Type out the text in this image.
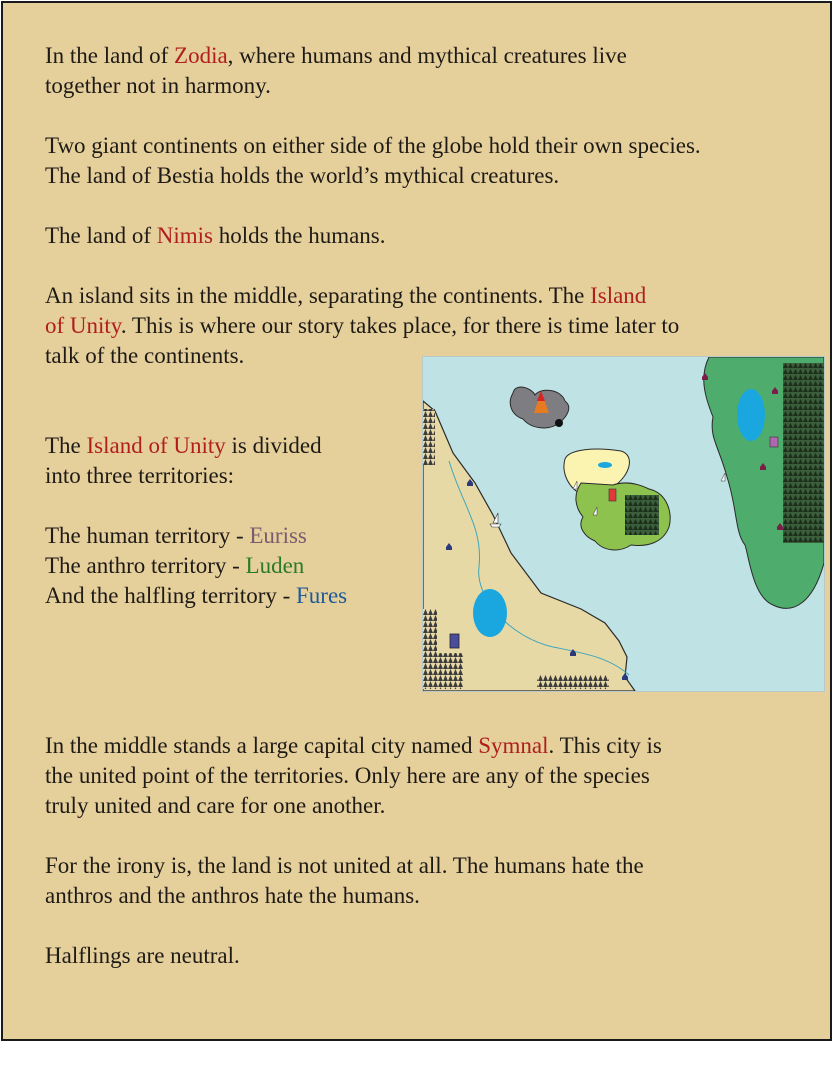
In the land of Zodia, where humans and mythical creatures live
together not in harmony.

Two giant continents on either side of the globe hold their own species.
The land of Bestia holds the world’s mythical creatures.

The land of Nimis holds the humans.

An island sits in the middle, separating the continents. The Island
of Unity. This is where our story takes place, for there is time later to
talk of the continents.

The Island of Unity is divided
into three territories:

The human territory - Euriss
The anthro territory - Luden
And the halfling territory - Fures

In the middle stands a large capital city named Symnal. This city is
the united point of the territories. Only here are any of the species
truly united and care for one another.

For the irony is, the land is not united at all. The humans hate the
anthros and the anthros hate the humans.

Halflings are neutral.
